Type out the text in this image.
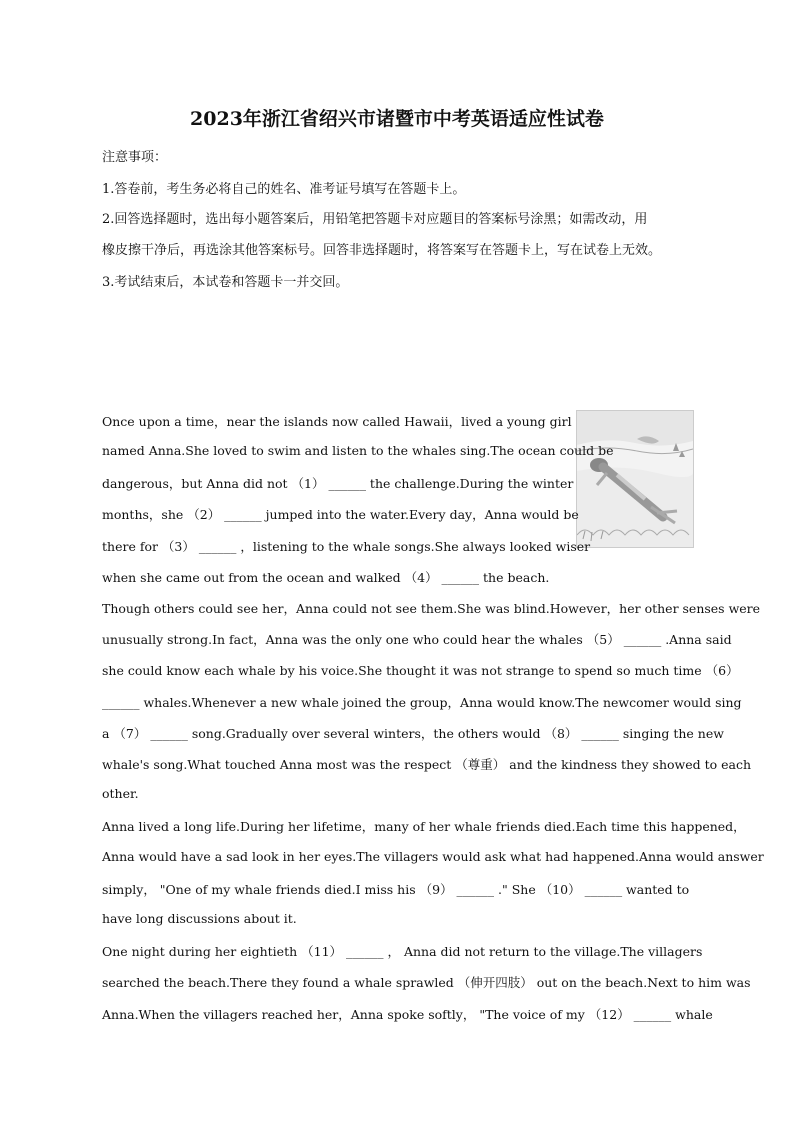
2023年浙江省绍兴市诸暨市中考英语适应性试卷
注意事项：
1.答卷前，考生务必将自己的姓名、准考证号填写在答题卡上。
2.回答选择题时，选出每小题答案后，用铅笔把答题卡对应题目的答案标号涂黑；如需改动，用
橡皮擦干净后，再选涂其他答案标号。回答非选择题时，将答案写在答题卡上，写在试卷上无效。
3.考试结束后，本试卷和答题卡一并交回。
Once upon a time，near the islands now called Hawaii，lived a young girl
named Anna.She loved to swim and listen to the whales sing.The ocean could be
dangerous，but Anna did not （1） ______ the challenge.During the winter
months，she （2） ______ jumped into the water.Every day，Anna would be
there for （3） ______ ，listening to the whale songs.She always looked wiser
when she came out from the ocean and walked （4） ______ the beach.
Though others could see her，Anna could not see them.She was blind.However，her other senses were
unusually strong.In fact，Anna was the only one who could hear the whales （5） ______ .Anna said
she could know each whale by his voice.She thought it was not strange to spend so much time （6）
______ whales.Whenever a new whale joined the group，Anna would know.The newcomer would sing
a （7） ______ song.Gradually over several winters，the others would （8） ______ singing the new
whale's song.What touched Anna most was the respect （尊重） and the kindness they showed to each
other.
Anna lived a long life.During her lifetime，many of her whale friends died.Each time this happened，
Anna would have a sad look in her eyes.The villagers would ask what had happened.Anna would answer
simply， "One of my whale friends died.I miss his （9） ______ ." She （10） ______ wanted to
have long discussions about it.
One night during her eightieth （11） ______ ， Anna did not return to the village.The villagers
searched the beach.There they found a whale sprawled （伸开四肢） out on the beach.Next to him was
Anna.When the villagers reached her，Anna spoke softly， "The voice of my （12） ______ whale
